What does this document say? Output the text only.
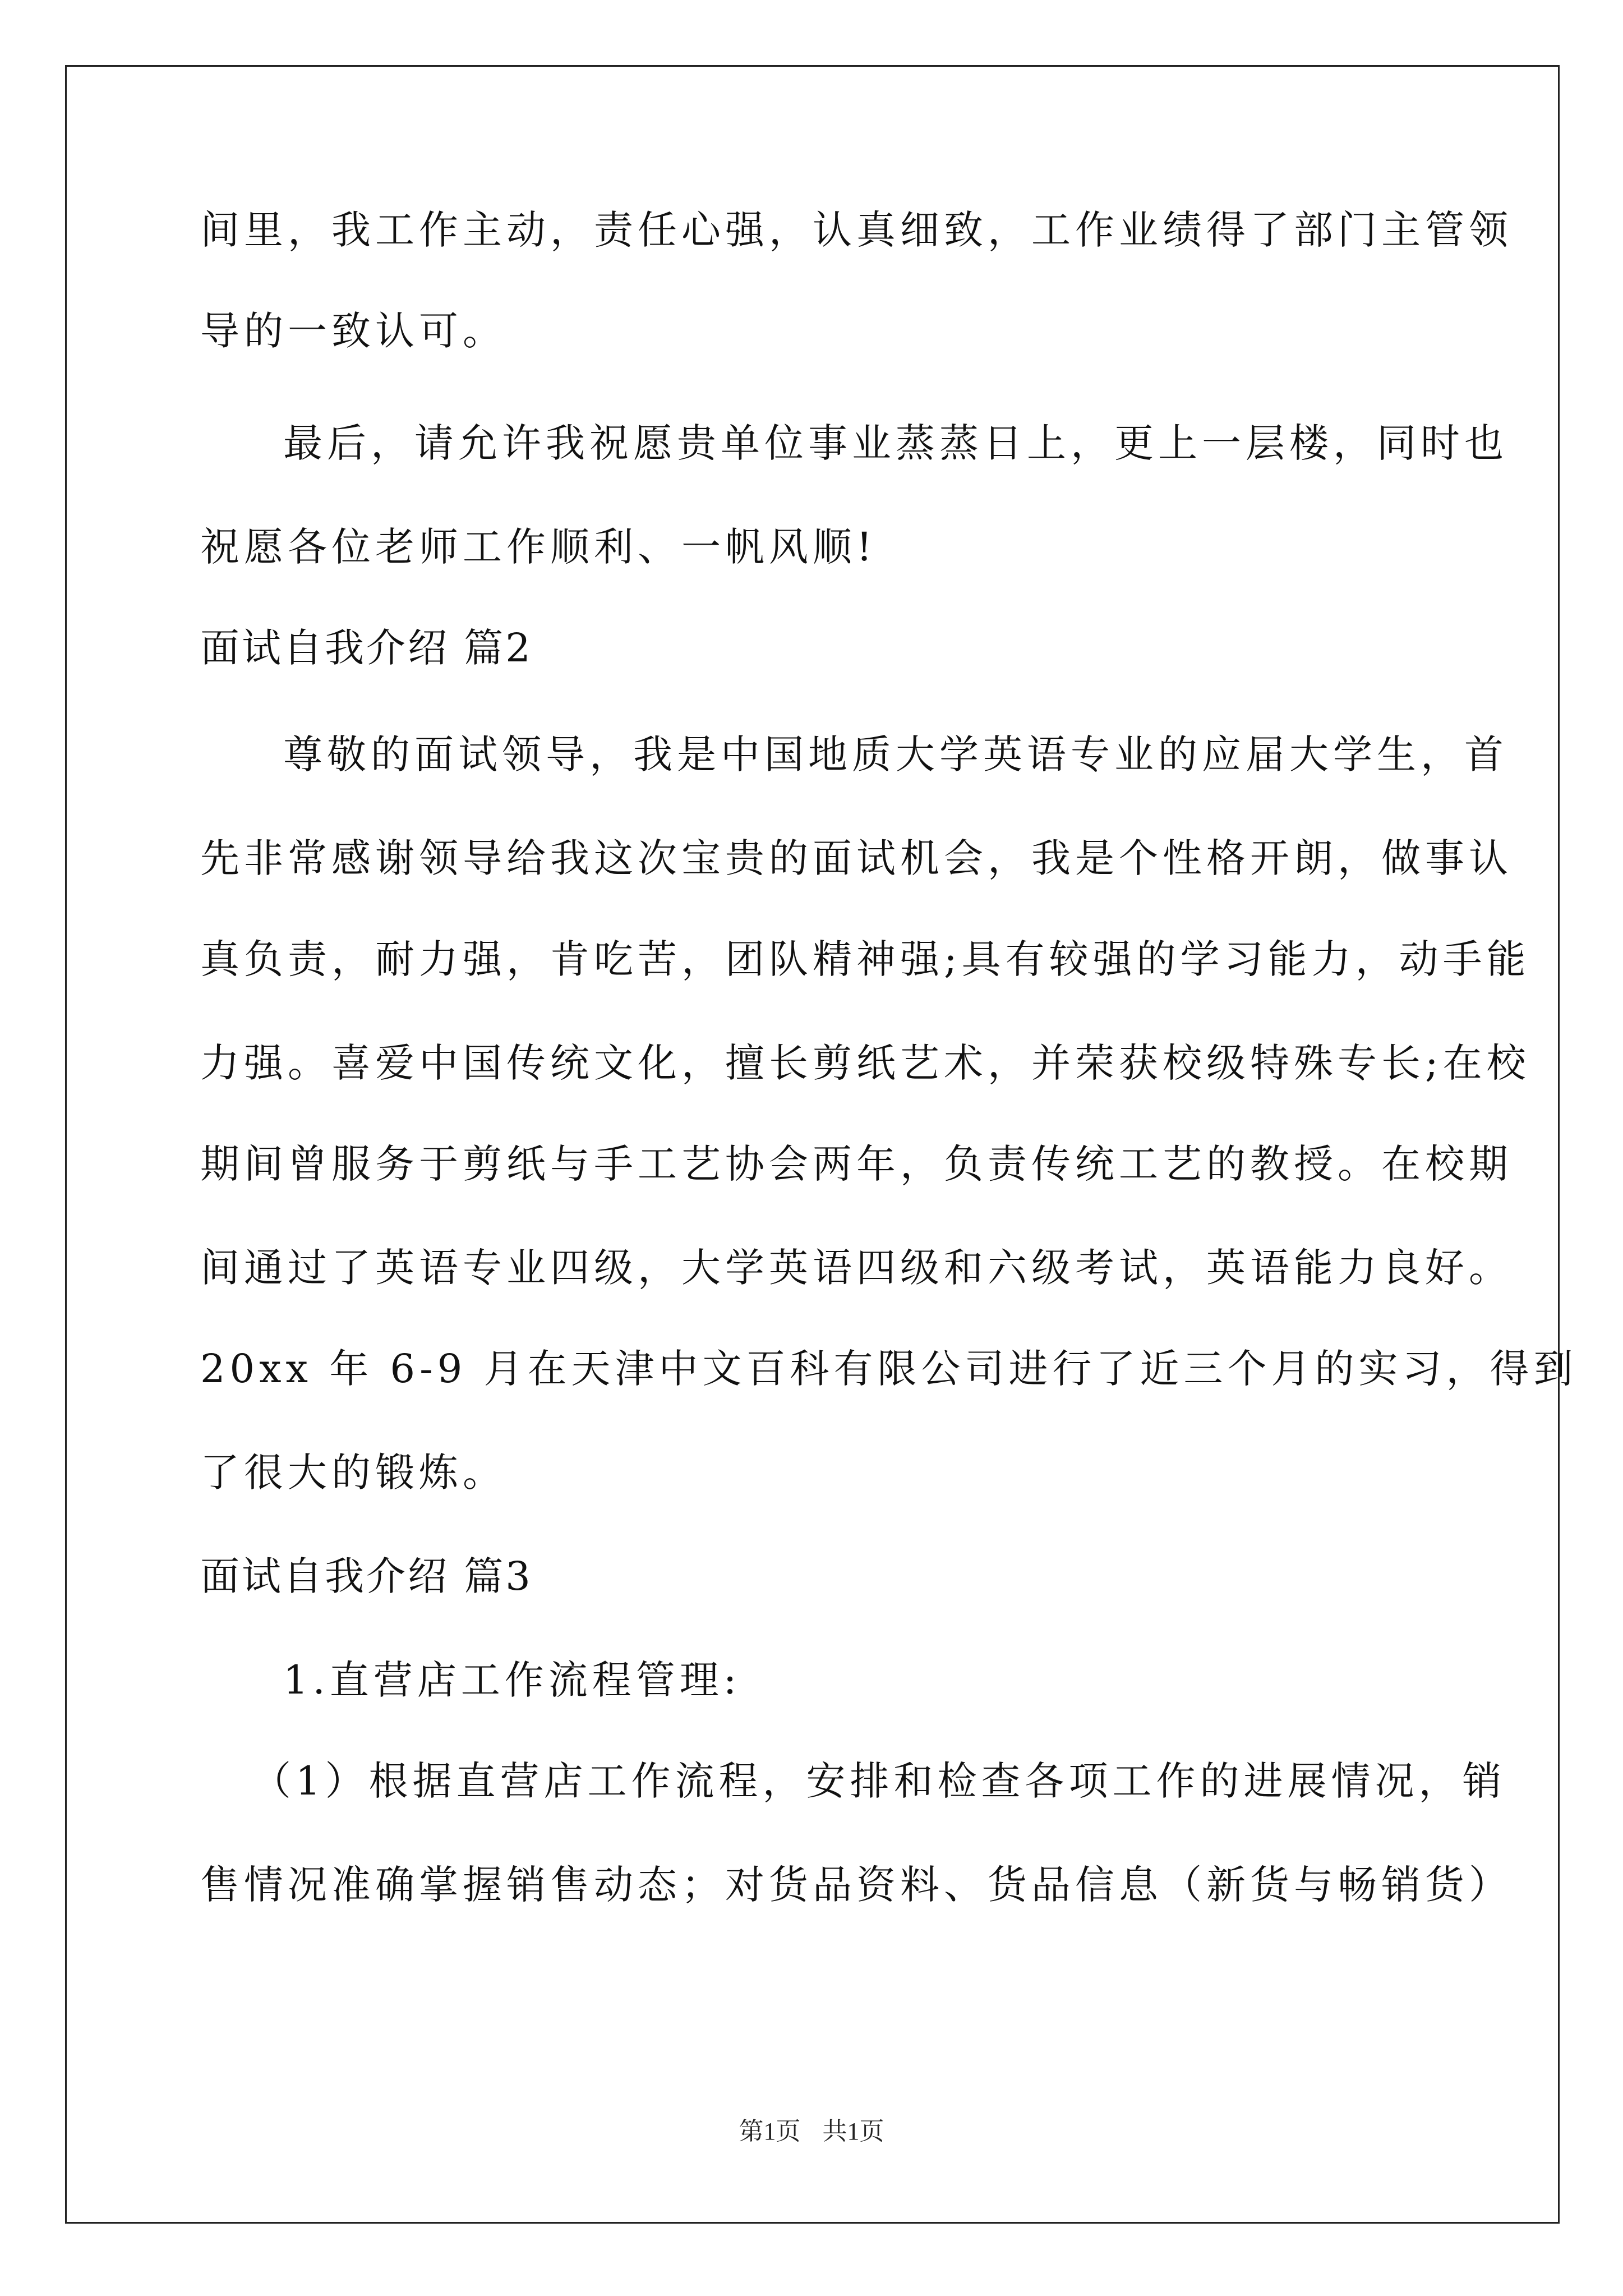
间里，我工作主动，责任心强，认真细致，工作业绩得了部门主管领
导的一致认可。
最后，请允许我祝愿贵单位事业蒸蒸日上，更上一层楼，同时也
祝愿各位老师工作顺利、一帆风顺!
面试自我介绍 篇2
尊敬的面试领导，我是中国地质大学英语专业的应届大学生，首
先非常感谢领导给我这次宝贵的面试机会，我是个性格开朗，做事认
真负责，耐力强，肯吃苦，团队精神强;具有较强的学习能力，动手能
力强。喜爱中国传统文化，擅长剪纸艺术，并荣获校级特殊专长;在校
期间曾服务于剪纸与手工艺协会两年，负责传统工艺的教授。在校期
间通过了英语专业四级，大学英语四级和六级考试，英语能力良好。
20xx 年 6-9 月在天津中文百科有限公司进行了近三个月的实习，得到
了很大的锻炼。
面试自我介绍 篇3
1.直营店工作流程管理:
（1）根据直营店工作流程，安排和检查各项工作的进展情况，销
售情况准确掌握销售动态；对货品资料、货品信息（新货与畅销货）
第1页 共1页
